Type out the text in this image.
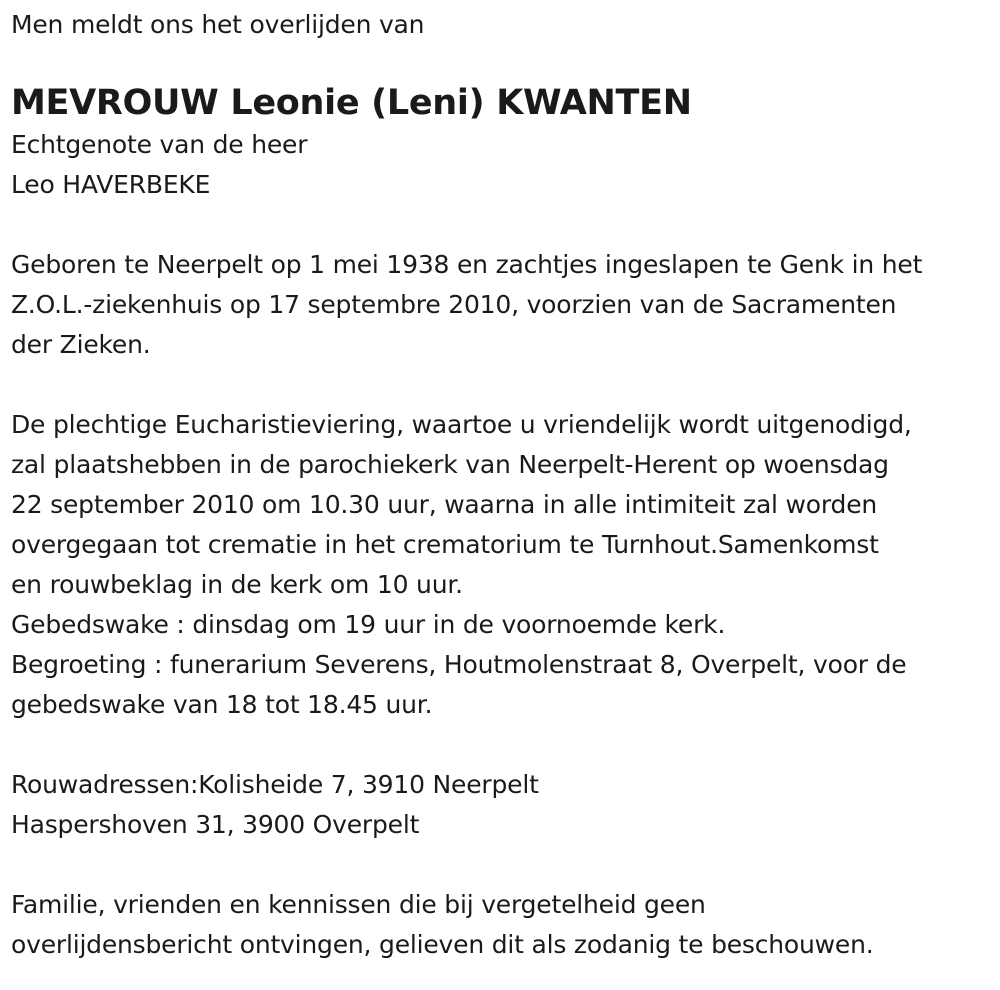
Men meldt ons het overlijden van
MEVROUW Leonie (Leni) KWANTEN
Echtgenote van de heer
Leo HAVERBEKE
Geboren te Neerpelt op 1 mei 1938 en zachtjes ingeslapen te Genk in het
Z.O.L.-ziekenhuis op 17 septembre 2010, voorzien van de Sacramenten
der Zieken.
De plechtige Eucharistieviering, waartoe u vriendelijk wordt uitgenodigd,
zal plaatshebben in de parochiekerk van Neerpelt-Herent op woensdag
22 september 2010 om 10.30 uur, waarna in alle intimiteit zal worden
overgegaan tot crematie in het crematorium te Turnhout.Samenkomst
en rouwbeklag in de kerk om 10 uur.
Gebedswake : dinsdag om 19 uur in de voornoemde kerk.
Begroeting : funerarium Severens, Houtmolenstraat 8, Overpelt, voor de
gebedswake van 18 tot 18.45 uur.
Rouwadressen:Kolisheide 7, 3910 Neerpelt
Haspershoven 31, 3900 Overpelt
Familie, vrienden en kennissen die bij vergetelheid geen
overlijdensbericht ontvingen, gelieven dit als zodanig te beschouwen.
